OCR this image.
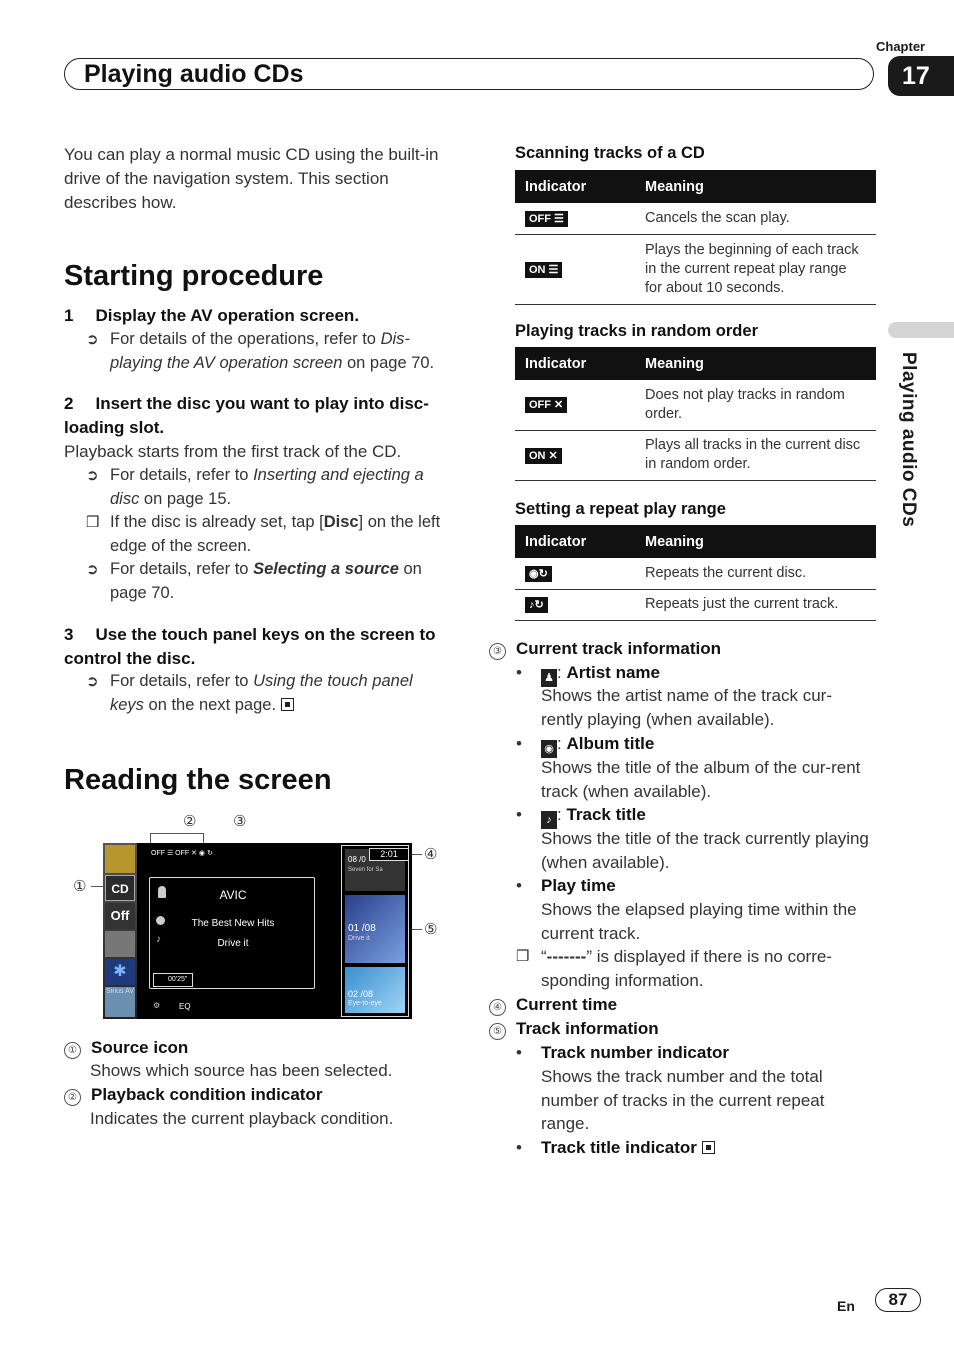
Playing audio CDs
Chapter
17
Playing audio CDs
You can play a normal music CD using the built-in drive of the navigation system. This section describes how.
Starting procedure
1 Display the AV operation screen.
➲ For details of the operations, refer to Dis-playing the AV operation screen on page 70.
2 Insert the disc you want to play into disc-loading slot.
Playback starts from the first track of the CD.
➲ For details, refer to Inserting and ejecting a disc on page 15.
❒ If the disc is already set, tap [Disc] on the left edge of the screen.
➲ For details, refer to Selecting a source on page 70.
3 Use the touch panel keys on the screen to control the disc.
➲ For details, refer to Using the touch panel keys on the next page.
Reading the screen
② ③
①
④
⑤
CD
Off
✱
Sirius AV
OFF ☰ OFF ✕ ◉ ↻
AVIC
The Best New Hits
♪	Drive it
00'25"
⚙ EQ
08 /0
Seven for Sa
01 /08
Drive it
02 /08
Eye-to-eye
2:01
① Source icon
Shows which source has been selected.
② Playback condition indicator
Indicates the current playback condition.
Scanning tracks of a CD
Indicator	Meaning
OFF ☰	Cancels the scan play.
ON ☰	Plays the beginning of each track in the current repeat play range for about 10 seconds.
Playing tracks in random order
Indicator	Meaning
OFF ✕	Does not play tracks in random order.
ON ✕	Plays all tracks in the current disc in random order.
Setting a repeat play range
Indicator	Meaning
◉↻	Repeats the current disc.
♪↻	Repeats just the current track.
③ Current track information
• ♟ : Artist name
Shows the artist name of the track cur-rently playing (when available).
• ◉ : Album title
Shows the title of the album of the cur-rent track (when available).
•	♪ : Track title
Shows the title of the track currently playing (when available).
• Play time
Shows the elapsed playing time within the current track.
❒ “-------” is displayed if there is no corre-sponding information.
④ Current time
⑤ Track information
• Track number indicator
Shows the track number and the total number of tracks in the current repeat range.
• Track title indicator
En	87
